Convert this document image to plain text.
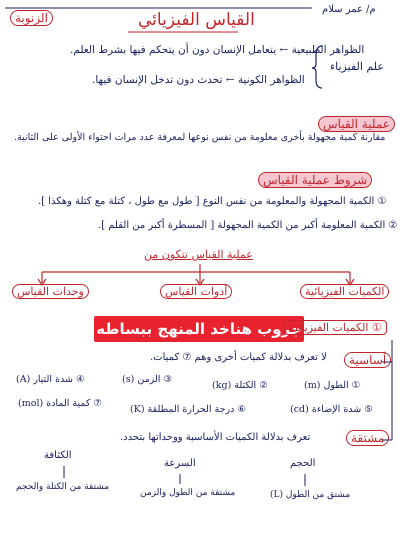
م/ عمر سلام
القياس الفيزيائي
الزنوبة
علم الفيزياء
الظواهر الطبيعية ← يتعامل الإنسان دون أن يتحكم فيها بشرط العلم.
الظواهر الكونية ← تحدث دون تدخل الإنسان فيها.
عملية القياس
مقارنة كمية مجهولة بأخرى معلومة من نفس نوعها لمعرفة عدد مرات احتواء الأولى على الثانية.
شروط عملية القياس
① الكمية المجهولة والمعلومة من نفس النوع [ طول مع طول ، كتلة مع كتلة وهكذا ].
② الكمية المعلومة أكبر من الكمية المجهولة [ المسطرة أكبر من القلم ].
عملية القياس تتكون من
الكميات الفيزيائية
أدوات القياس
وحدات القياس
جروب هناخد المنهج ببساطه	① الكميات الفيزيائية
أساسية
لا تعرف بدلالة كميات أخرى وهم ⑦ كميات.
① الطول (m)
② الكتلة (kg)
③ الزمن (s)
④ شدة التيار (A)
⑤ شدة الإضاءة (cd)
⑥ درجة الحرارة المطلقة (K)
⑦ كمية المادة (mol)
مشتقة
تعرف بدلالة الكميات الأساسية ووحداتها بتحدد.
الحجم
مشتق من الطول (L)
السرعة
مشتقة من الطول والزمن
الكثافة
مشتقة من الكتلة والحجم
